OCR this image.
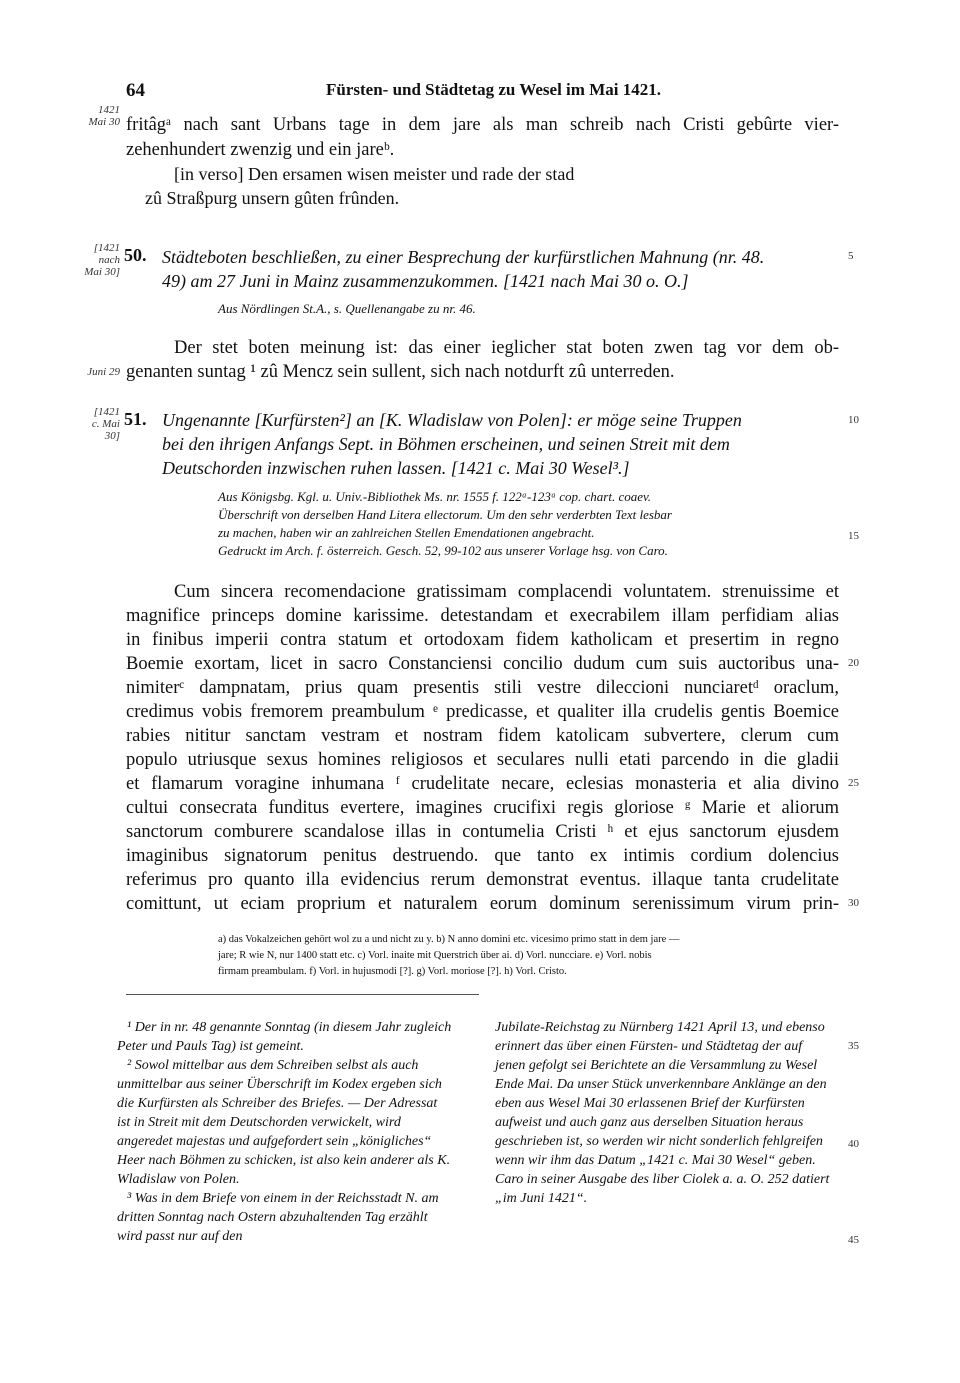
64	Fürsten- und Städtetag zu Wesel im Mai 1421.
1421
Mai 30 fritâgᵃ nach sant Urbans tage in dem jare als man schreib nach Cristi gebûrte vier-
zehenhundert zwenzig und ein jareᵇ.
[in verso] Den ersamen wisen meister und rade der stad
zû Straßpurg unsern gûten frûnden.
[1421
nach
Mai 30]
50. Städteboten beschließen, zu einer Besprechung der kurfürstlichen Mahnung (nr. 48.
49) am 27 Juni in Mainz zusammenzukommen. [1421 nach Mai 30 o. O.]
Aus Nördlingen St.A., s. Quellenangabe zu nr. 46.
Der stet boten meinung ist: das einer ieglicher stat boten zwen tag vor dem ob-
genanten suntag ¹ zû Mencz sein sullent, sich nach notdurft zû unterreden.
Juni 29
[1421
c. Mai
30]
51. Ungenannte [Kurfürsten²] an [K. Wladislaw von Polen]: er möge seine Truppen
bei den ihrigen Anfangs Sept. in Böhmen erscheinen, und seinen Streit mit dem
Deutschorden inzwischen ruhen lassen. [1421 c. Mai 30 Wesel³.]
Aus Königsbg. Kgl. u. Univ.-Bibliothek Ms. nr. 1555 f. 122ᵃ-123ᵃ cop. chart. coaev.
Überschrift von derselben Hand Litera ellectorum. Um den sehr verderbten Text lesbar
zu machen, haben wir an zahlreichen Stellen Emendationen angebracht.
Gedruckt im Arch. f. österreich. Gesch. 52, 99-102 aus unserer Vorlage hsg. von Caro.
Cum sincera recomendacione gratissimam complacendi voluntatem. strenuissime et
magnifice princeps domine karissime. detestandam et execrabilem illam perfidiam alias
in finibus imperii contra statum et ortodoxam fidem katholicam et presertim in regno
Boemie exortam, licet in sacro Constanciensi concilio dudum cum suis auctoribus una-
nimiterᶜ dampnatam, prius quam presentis stili vestre dileccioni nunciaretᵈ oraclum,
credimus vobis fremorem preambulum ᵉ predicasse, et qualiter illa crudelis gentis Boemice
rabies nititur sanctam vestram et nostram fidem katolicam subvertere, clerum cum
populo utriusque sexus homines religiosos et seculares nulli etati parcendo in die gladii
et flamarum voragine inhumana ᶠ crudelitate necare, eclesias monasteria et alia divino
cultui consecrata funditus evertere, imagines crucifixi regis gloriose ᵍ Marie et aliorum
sanctorum comburere scandalose illas in contumelia Cristi ʰ et ejus sanctorum ejusdem
imaginibus signatorum penitus destruendo. que tanto ex intimis cordium dolencius
referimus pro quanto illa evidencius rerum demonstrat eventus. illaque tanta crudelitate
comittunt, ut eciam proprium et naturalem eorum dominum serenissimum virum prin-
a) das Vokalzeichen gehört wol zu a und nicht zu y. b) N anno domini etc. vicesimo primo statt in dem jare —
jare; R wie N, nur 1400 statt etc. c) Vorl. inaite mit Querstrich über ai. d) Vorl. nuncciare. e) Vorl. nobis
firmam preambulam. f) Vorl. in hujusmodi [?]. g) Vorl. moriose [?]. h) Vorl. Cristo.

¹ Der in nr. 48 genannte Sonntag (in diesem Jahr zugleich Peter und Pauls Tag) ist gemeint.

² Sowol mittelbar aus dem Schreiben selbst als auch unmittelbar aus seiner Überschrift im Kodex ergeben sich die Kurfürsten als Schreiber des Briefes. — Der Adressat ist in Streit mit dem Deutschorden verwickelt, wird angeredet majestas und aufgefordert sein „königliches“ Heer nach Böhmen zu schicken, ist also kein anderer als K. Wladislaw von Polen.

³ Was in dem Briefe von einem in der Reichsstadt N. am dritten Sonntag nach Ostern abzuhaltenden Tag erzählt wird passt nur auf den

Jubilate-Reichstag zu Nürnberg 1421 April 13, und ebenso erinnert das über einen Fürsten- und Städtetag der auf jenen gefolgt sei Berichtete an die Versammlung zu Wesel Ende Mai. Da unser Stück unverkennbare Anklänge an den eben aus Wesel Mai 30 erlassenen Brief der Kurfürsten aufweist und auch ganz aus derselben Situation heraus geschrieben ist, so werden wir nicht sonderlich fehlgreifen wenn wir ihm das Datum „1421 c. Mai 30 Wesel“ geben. Caro in seiner Ausgabe des liber Ciolek a. a. O. 252 datiert „im Juni 1421“.
5
10
15
20
25
30
35
40
45
